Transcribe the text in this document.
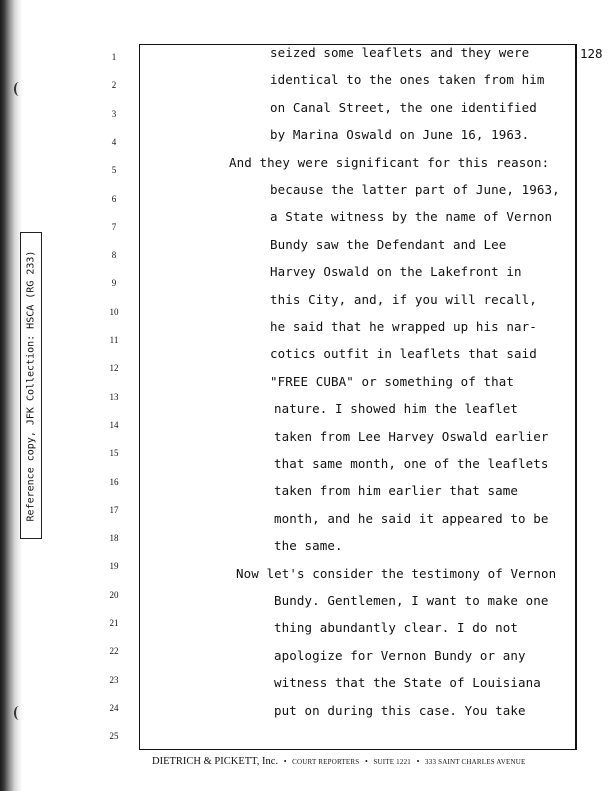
Reference copy, JFK Collection: HSCA (RG 233)
128
1	seized some leaflets and they were
2	identical to the ones taken from him
3	on Canal Street, the one identified
4	by Marina Oswald on June 16, 1963.
5
And they were significant for this reason:
6
because the latter part of June, 1963,
7
a State witness by the name of Vernon
8
Bundy saw the Defendant and Lee
9
Harvey Oswald on the Lakefront in
10
this City, and, if you will recall,
11
he said that he wrapped up his nar-
12
cotics outfit in leaflets that said
13
"FREE CUBA" or something of that
14
nature. I showed him the leaflet
15
taken from Lee Harvey Oswald earlier
16
that same month, one of the leaflets
17
taken from him earlier that same
18
month, and he said it appeared to be
19
the same.
20
Now let's consider the testimony of Vernon
21
Bundy. Gentlemen, I want to make one
22
thing abundantly clear. I do not
23
apologize for Vernon Bundy or any
24
witness that the State of Louisiana
25
put on during this case. You take
DIETRICH & PICKETT, Inc. • COURT REPORTERS • SUITE 1221 • 333 SAINT CHARLES AVENUE
